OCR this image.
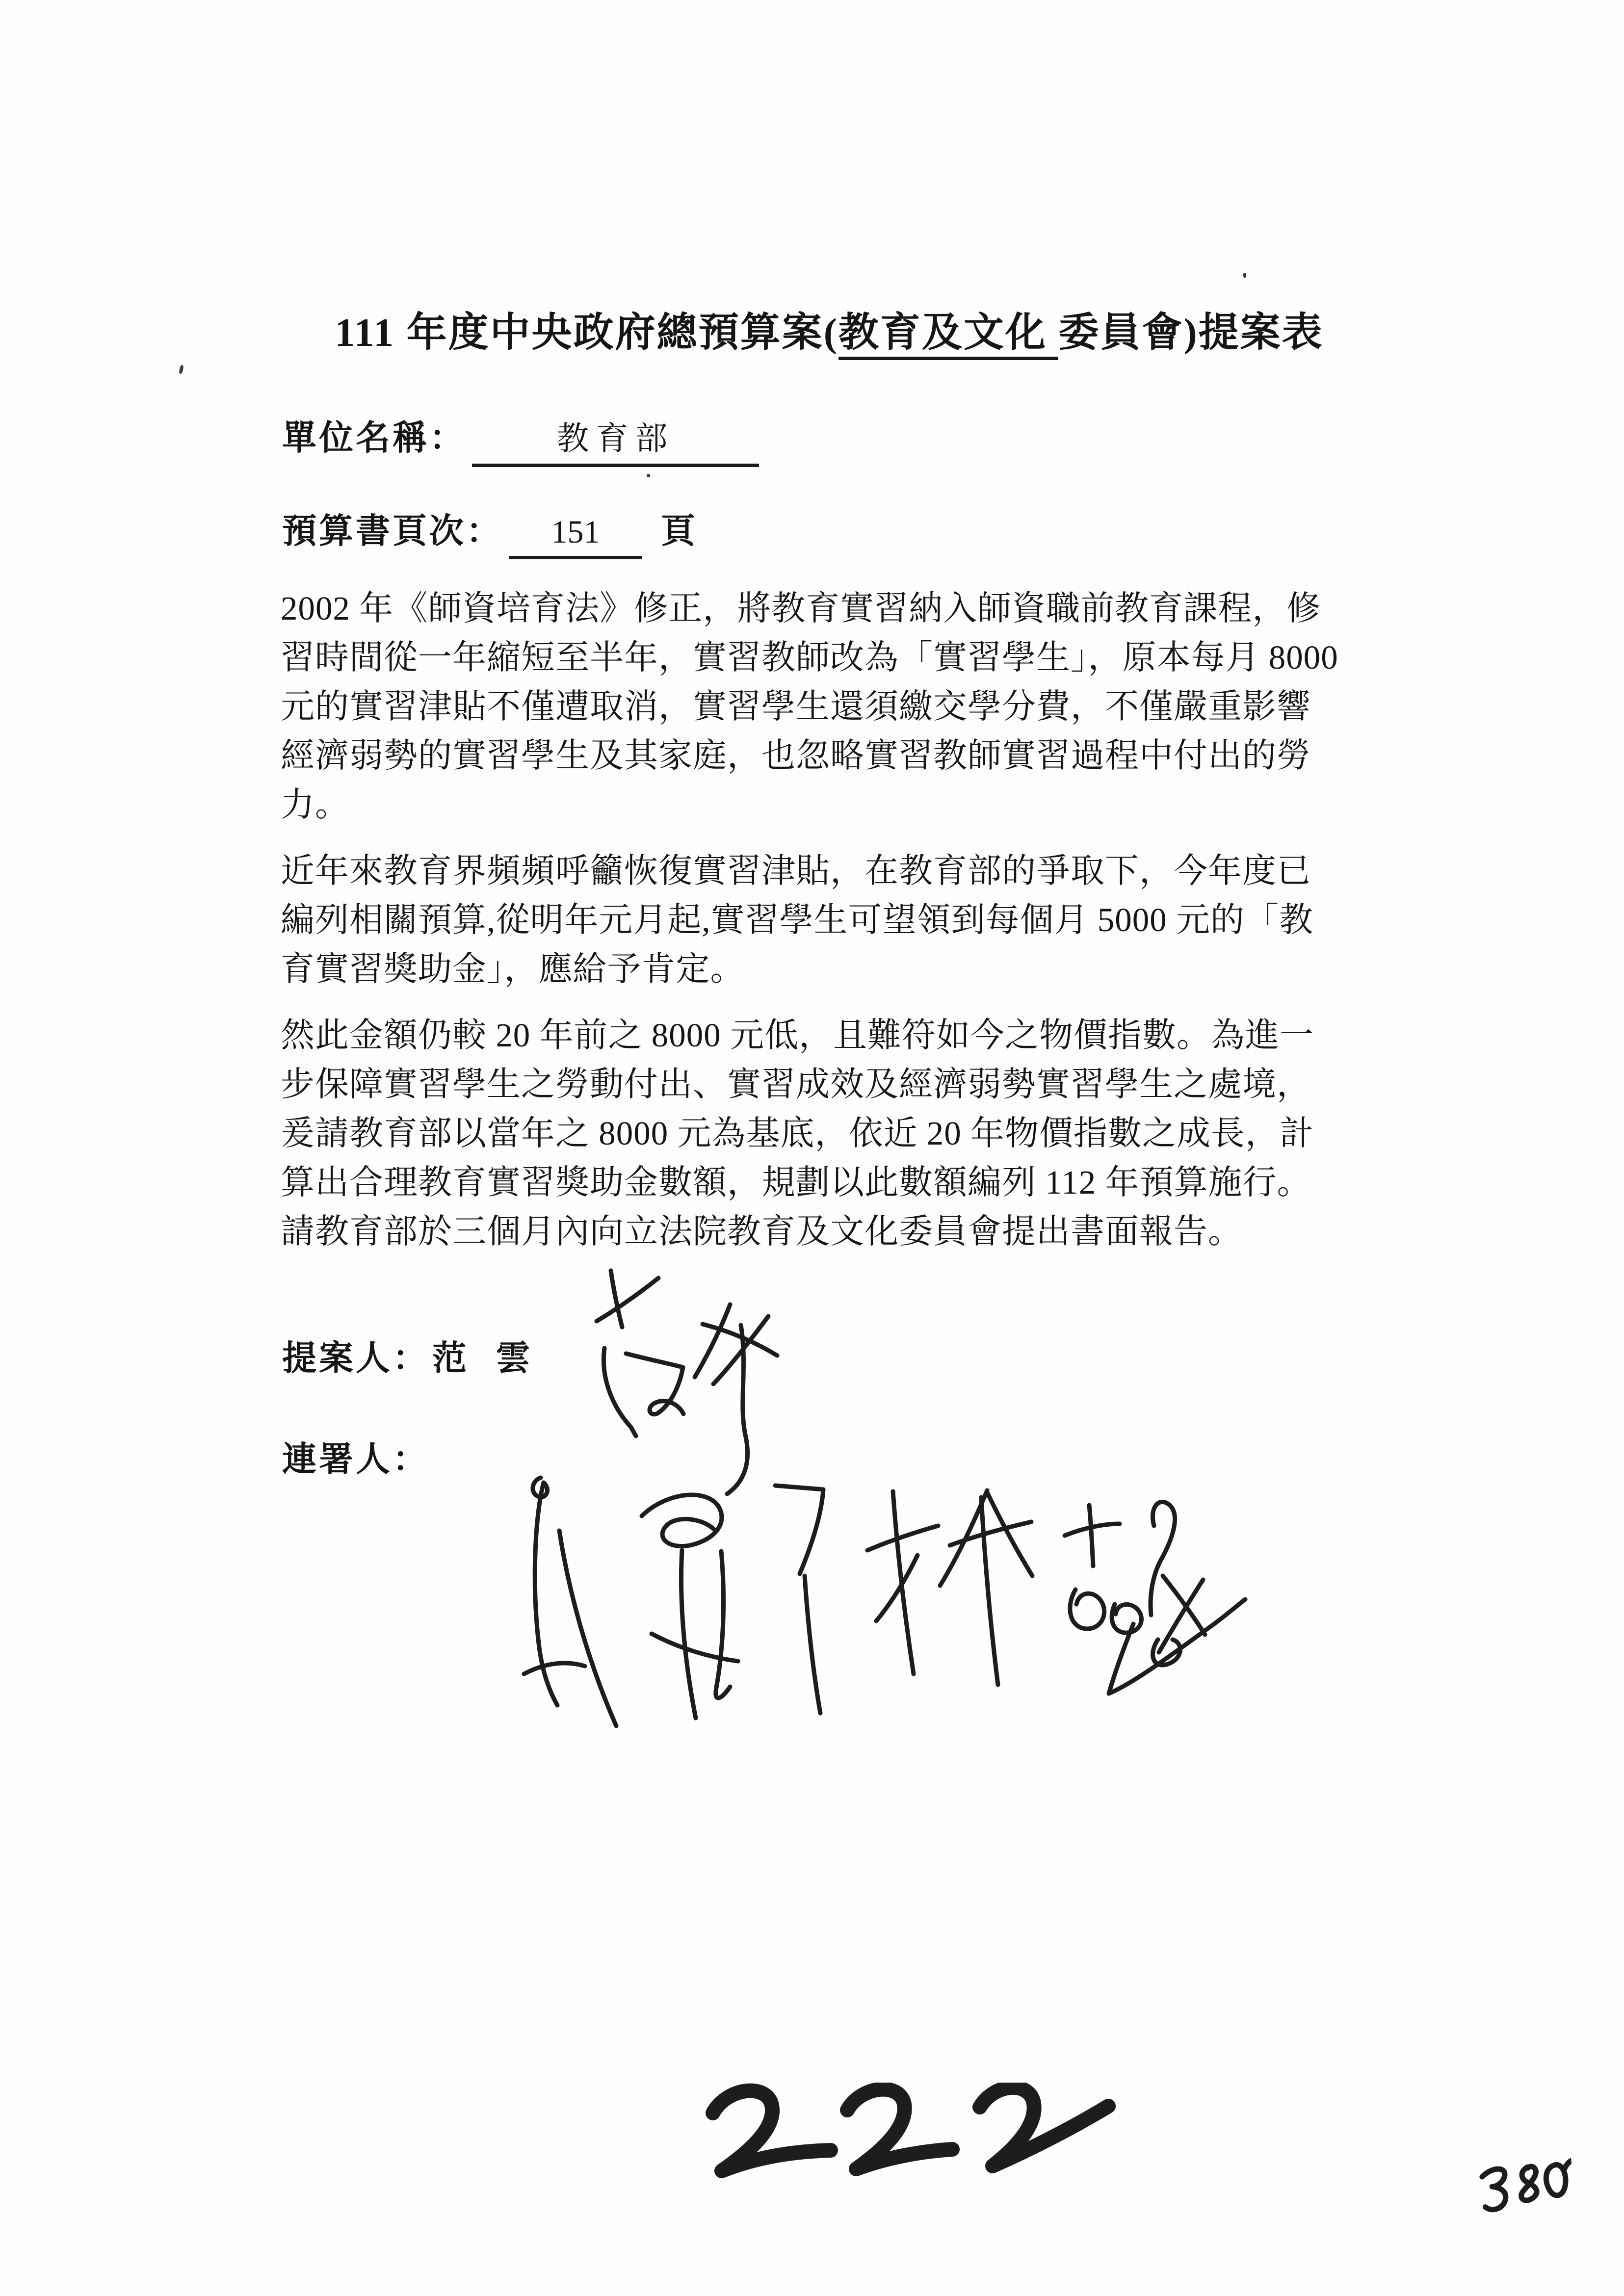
111 年度中央政府總預算案(教育及文化 委員會)提案表
單位名稱：	教育部
預算書頁次： 151 頁
2002 年《師資培育法》修正，將教育實習納入師資職前教育課程，修
習時間從一年縮短至半年，實習教師改為「實習學生」，原本每月 8000
元的實習津貼不僅遭取消，實習學生還須繳交學分費，不僅嚴重影響
經濟弱勢的實習學生及其家庭，也忽略實習教師實習過程中付出的勞
力。
近年來教育界頻頻呼籲恢復實習津貼，在教育部的爭取下，今年度已
編列相關預算,從明年元月起,實習學生可望領到每個月 5000 元的「教
育實習獎助金」，應給予肯定。
然此金額仍較 20 年前之 8000 元低，且難符如今之物價指數。為進一
步保障實習學生之勞動付出、實習成效及經濟弱勢實習學生之處境，
爰請教育部以當年之 8000 元為基底，依近 20 年物價指數之成長，計
算出合理教育實習獎助金數額，規劃以此數額編列 112 年預算施行。
請教育部於三個月內向立法院教育及文化委員會提出書面報告。
提案人：范 雲
連署人：
